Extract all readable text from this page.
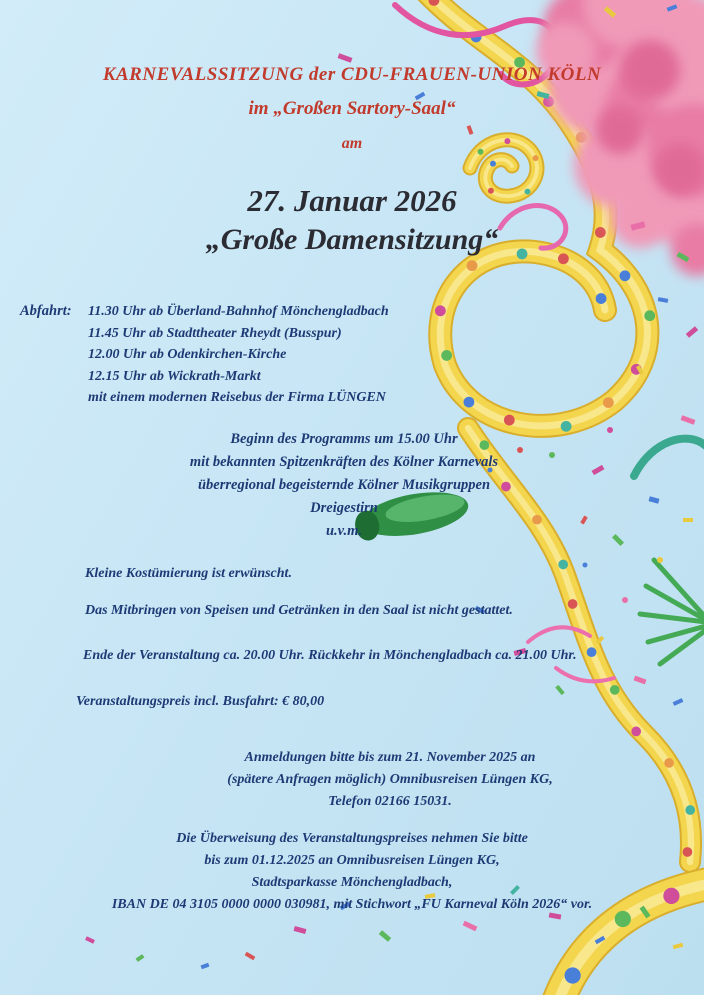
KARNEVALSSITZUNG der CDU-FRAUEN-UNION KÖLN
im „Großen Sartory-Saal“
am
27. Januar 2026
„Große Damensitzung“
Abfahrt:	11.30 Uhr ab Überland-Bahnhof Mönchengladbach
11.45 Uhr ab Stadttheater Rheydt (Busspur)
12.00 Uhr ab Odenkirchen-Kirche
12.15 Uhr ab Wickrath-Markt
mit einem modernen Reisebus der Firma LÜNGEN
Beginn des Programms um 15.00 Uhr
mit bekannten Spitzenkräften des Kölner Karnevals
überregional begeisternde Kölner Musikgruppen
Dreigestirn
u.v.m.
Kleine Kostümierung ist erwünscht.
Das Mitbringen von Speisen und Getränken in den Saal ist nicht gestattet.
Ende der Veranstaltung ca. 20.00 Uhr. Rückkehr in Mönchengladbach ca. 21.00 Uhr.
Veranstaltungspreis incl. Busfahrt: € 80,00
Anmeldungen bitte bis zum 21. November 2025 an
(spätere Anfragen möglich) Omnibusreisen Lüngen KG,
Telefon 02166 15031.
Die Überweisung des Veranstaltungspreises nehmen Sie bitte
bis zum 01.12.2025 an Omnibusreisen Lüngen KG,
Stadtsparkasse Mönchengladbach,
IBAN DE 04 3105 0000 0000 030981, mit Stichwort „FU Karneval Köln 2026“ vor.
